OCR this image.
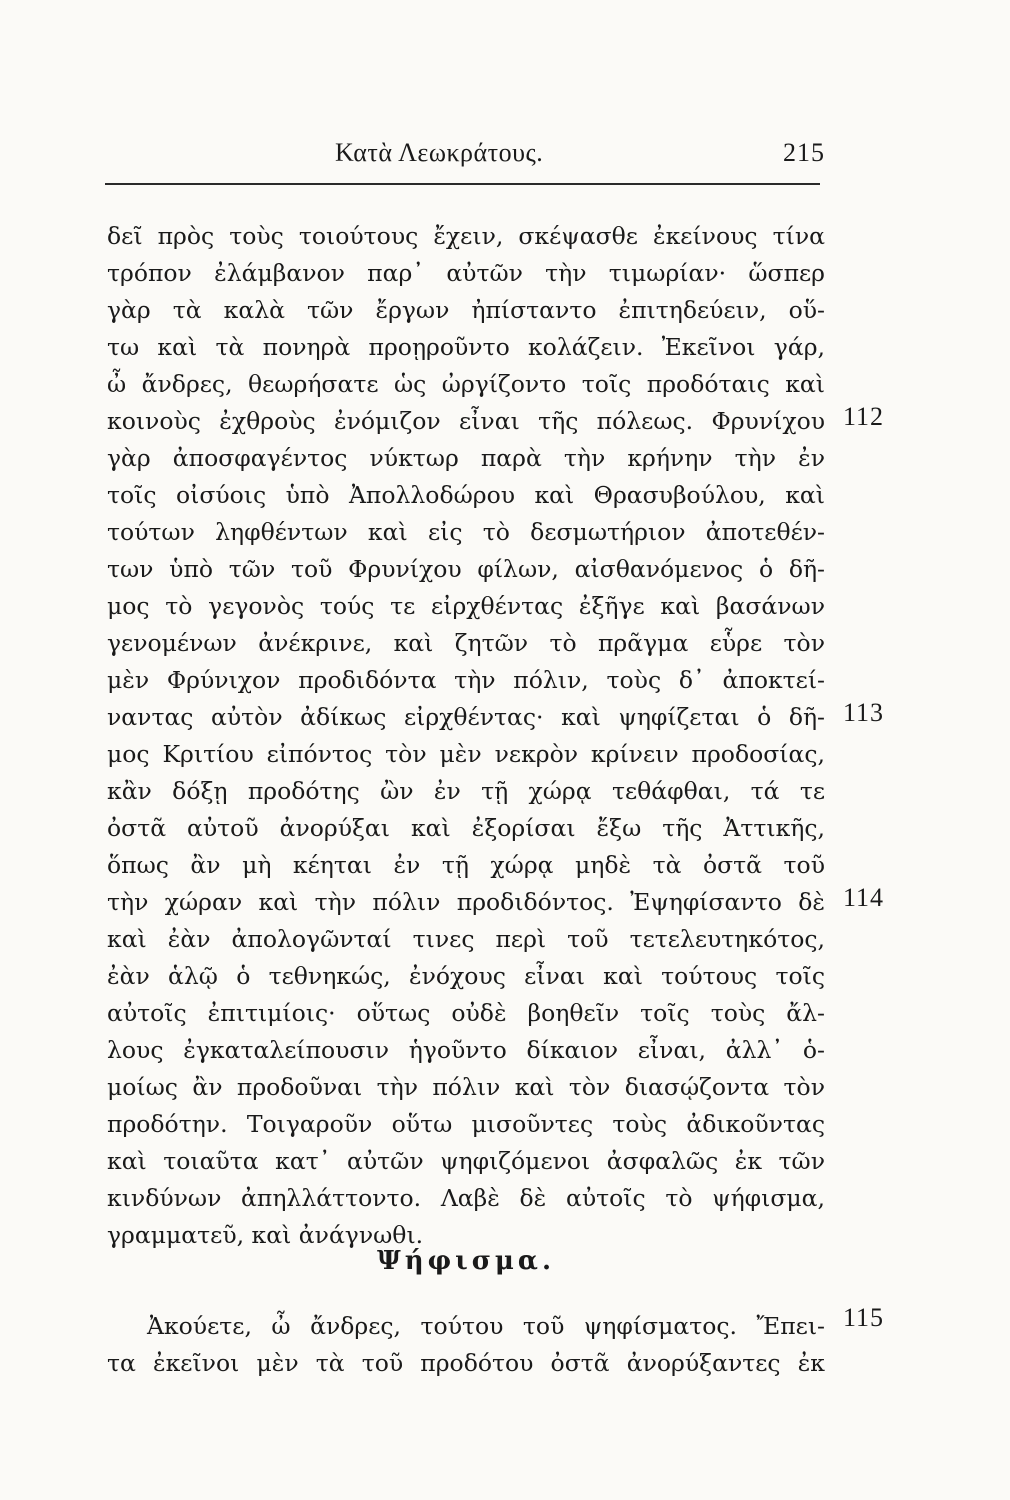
Κατὰ Λεωκράτους.	215
δεῖ πρὸς τοὺς τοιούτους ἔχειν, σκέψασθε ἐκείνους τίνα
τρόπον ἐλάμβανον παρ᾽ αὐτῶν τὴν τιμωρίαν· ὥσπερ
γὰρ τὰ καλὰ τῶν ἔργων ἠπίσταντο ἐπιτηδεύειν, οὕ-
τω καὶ τὰ πονηρὰ προῃροῦντο κολάζειν. Ἐκεῖνοι γάρ,
ὦ ἄνδρες, θεωρήσατε ὡς ὠργίζοντο τοῖς προδόταις καὶ
κοινοὺς ἐχθροὺς ἐνόμιζον εἶναι τῆς πόλεως. Φρυνίχου
γὰρ ἀποσφαγέντος νύκτωρ παρὰ τὴν κρήνην τὴν ἐν
τοῖς οἰσύοις ὑπὸ Ἀπολλοδώρου καὶ Θρασυβούλου, καὶ
τούτων ληφθέντων καὶ εἰς τὸ δεσμωτήριον ἀποτεθέν-
των ὑπὸ τῶν τοῦ Φρυνίχου φίλων, αἰσθανόμενος ὁ δῆ-
μος τὸ γεγονὸς τούς τε εἰρχθέντας ἐξῆγε καὶ βασάνων
γενομένων ἀνέκρινε, καὶ ζητῶν τὸ πρᾶγμα εὗρε τὸν
μὲν Φρύνιχον προδιδόντα τὴν πόλιν, τοὺς δ᾽ ἀποκτεί-
ναντας αὐτὸν ἀδίκως εἰρχθέντας· καὶ ψηφίζεται ὁ δῆ-
μος Κριτίου εἰπόντος τὸν μὲν νεκρὸν κρίνειν προδοσίας,
κἂν δόξῃ προδότης ὢν ἐν τῇ χώρᾳ τεθάφθαι, τά τε
ὀστᾶ αὐτοῦ ἀνορύξαι καὶ ἐξορίσαι ἔξω τῆς Ἀττικῆς,
ὅπως ἂν μὴ κέηται ἐν τῇ χώρᾳ μηδὲ τὰ ὀστᾶ τοῦ
τὴν χώραν καὶ τὴν πόλιν προδιδόντος. Ἐψηφίσαντο δὲ
καὶ ἐὰν ἀπολογῶνταί τινες περὶ τοῦ τετελευτηκότος,
ἐὰν ἁλῷ ὁ τεθνηκώς, ἐνόχους εἶναι καὶ τούτους τοῖς
αὐτοῖς ἐπιτιμίοις· οὕτως οὐδὲ βοηθεῖν τοῖς τοὺς ἄλ-
λους ἐγκαταλείπουσιν ἡγοῦντο δίκαιον εἶναι, ἀλλ᾽ ὁ-
μοίως ἂν προδοῦναι τὴν πόλιν καὶ τὸν διασῴζοντα τὸν
προδότην. Τοιγαροῦν οὕτω μισοῦντες τοὺς ἀδικοῦντας
καὶ τοιαῦτα κατ᾽ αὐτῶν ψηφιζόμενοι ἀσφαλῶς ἐκ τῶν
κινδύνων ἀπηλλάττοντο. Λαβὲ δὲ αὐτοῖς τὸ ψήφισμα,
γραμματεῦ, καὶ ἀνάγνωθι.
Ψήφισμα.
Ἀκούετε, ὦ ἄνδρες, τούτου τοῦ ψηφίσματος. Ἔπει-
τα ἐκεῖνοι μὲν τὰ τοῦ προδότου ὀστᾶ ἀνορύξαντες ἐκ
112
113
114
115
